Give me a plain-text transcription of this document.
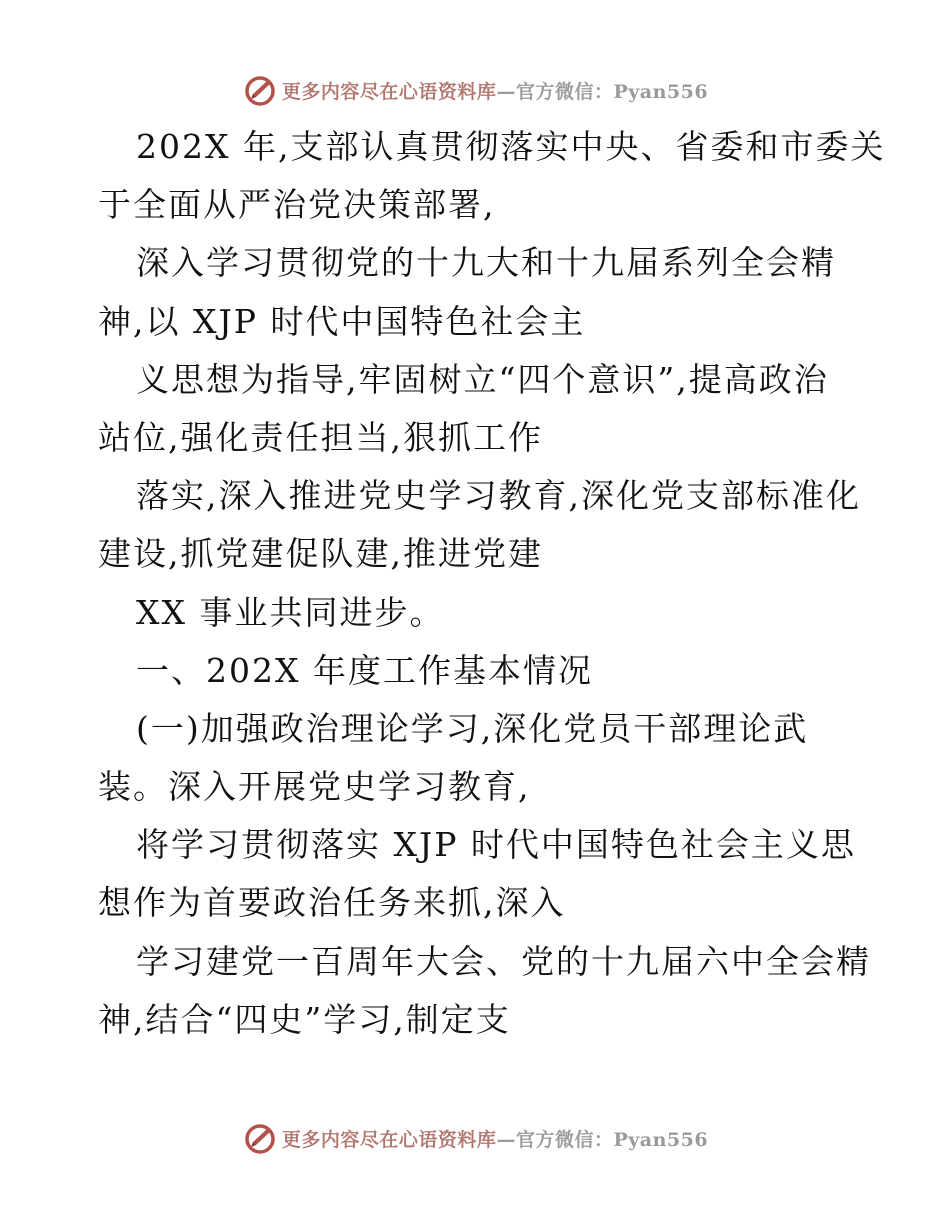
更多内容尽在心语资料库—官方微信：Pyan556
202X 年,支部认真贯彻落实中央、省委和市委关
于全面从严治党决策部署,
深入学习贯彻党的十九大和十九届系列全会精
神,以 XJP 时代中国特色社会主
义思想为指导,牢固树立“四个意识”,提高政治
站位,强化责任担当,狠抓工作
落实,深入推进党史学习教育,深化党支部标准化
建设,抓党建促队建,推进党建
XX 事业共同进步。
一、202X 年度工作基本情况
(一)加强政治理论学习,深化党员干部理论武
装。深入开展党史学习教育,
将学习贯彻落实 XJP 时代中国特色社会主义思
想作为首要政治任务来抓,深入
学习建党一百周年大会、党的十九届六中全会精
神,结合“四史”学习,制定支
更多内容尽在心语资料库—官方微信：Pyan556
